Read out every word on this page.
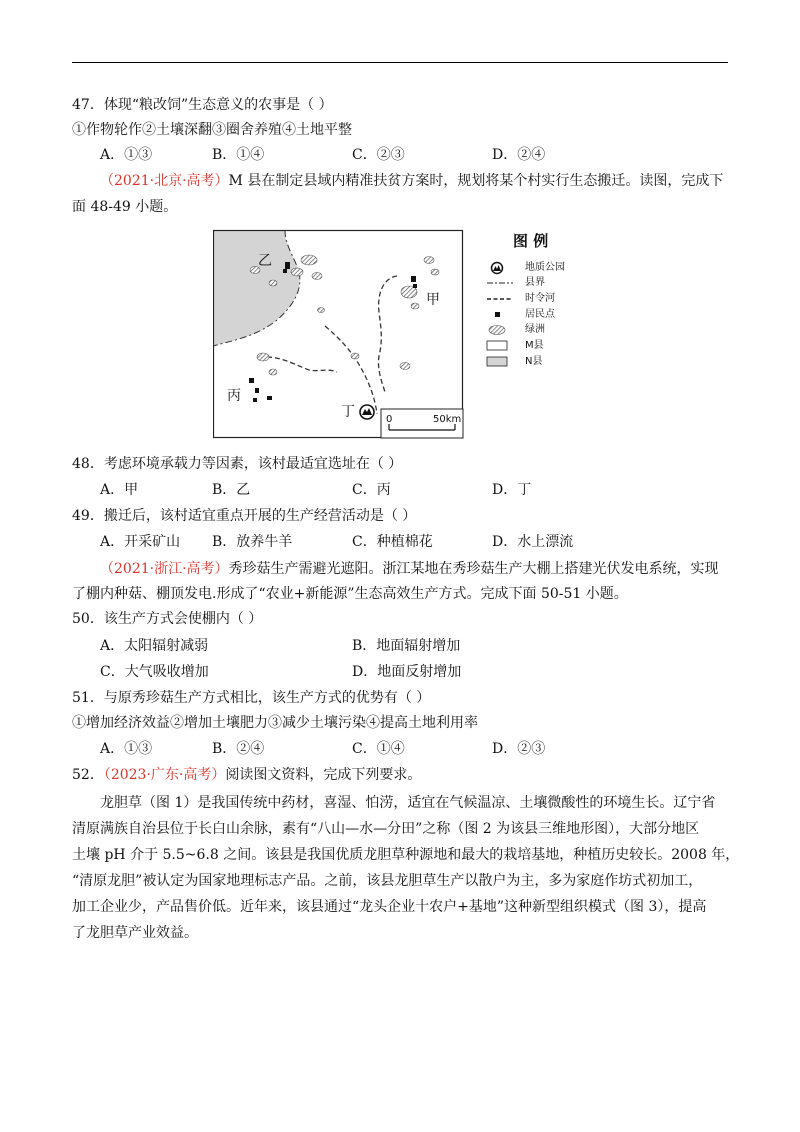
47．体现“粮改饲”生态意义的农事是（ ）
①作物轮作②土壤深翻③圈舍养殖④土地平整
A．①③	B．①④	C．②③	D．②④
（2021·北京·高考）M 县在制定县域内精准扶贫方案时，规划将某个村实行生态搬迁。读图，完成下
面 48-49 小题。
乙
甲
丙
丁	0	50km
图 例
地质公园
县界
时令河
居民点
绿洲
M县
N县
48．考虑环境承载力等因素，该村最适宜选址在（ ）
A．甲	B．乙	C．丙	D．丁
49．搬迁后，该村适宜重点开展的生产经营活动是（ ）
A．开采矿山 B．放养牛羊	C．种植棉花	D．水上漂流
（2021·浙江·高考）秀珍菇生产需避光遮阳。浙江某地在秀珍菇生产大棚上搭建光伏发电系统，实现
了棚内种菇、棚顶发电.形成了“农业+新能源”生态高效生产方式。完成下面 50-51 小题。
50．该生产方式会使棚内（ ）
A．太阳辐射减弱	B．地面辐射增加
C．大气吸收增加	D．地面反射增加
51．与原秀珍菇生产方式相比，该生产方式的优势有（ ）
①增加经济效益②增加土壤肥力③减少土壤污染④提高土地利用率
A．①③	B．②④	C．①④	D．②③
52．（2023·广东·高考）阅读图文资料，完成下列要求。
龙胆草（图 1）是我国传统中药材，喜湿、怕涝，适宜在气候温凉、土壤微酸性的环境生长。辽宁省
清原满族自治县位于长白山余脉，素有“八山—水—分田”之称（图 2 为该县三维地形图），大部分地区
土壤 pH 介于 5.5~6.8 之间。该县是我国优质龙胆草种源地和最大的栽培基地，种植历史较长。2008 年，
“清原龙胆”被认定为国家地理标志产品。之前，该县龙胆草生产以散户为主，多为家庭作坊式初加工，
加工企业少，产品售价低。近年来，该县通过“龙头企业十农户+基地”这种新型组织模式（图 3），提高
了龙胆草产业效益。
